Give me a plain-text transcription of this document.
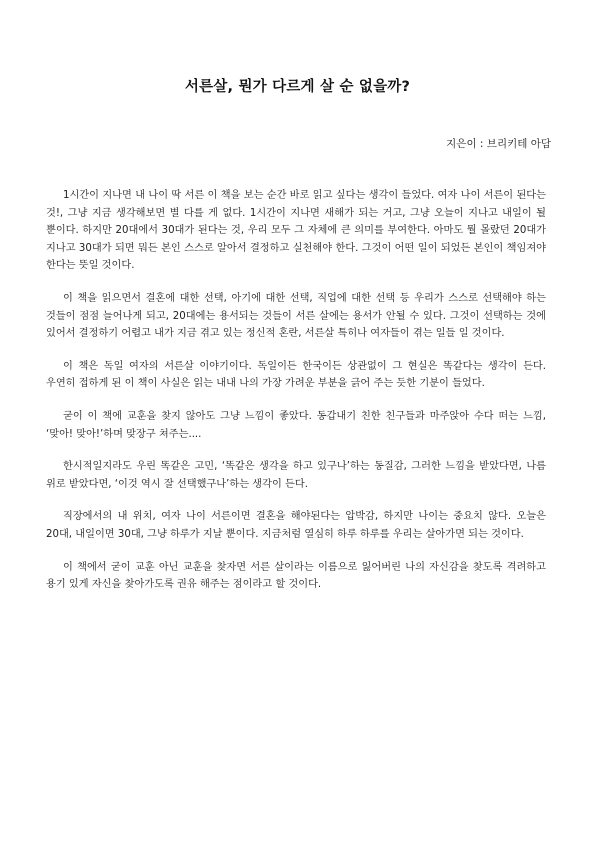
서른살, 뭔가 다르게 살 순 없을까?

지은이 : 브리키테 아담

1시간이 지나면 내 나이 딱 서른 이 책을 보는 순간 바로 읽고 싶다는 생각이 들었다. 여자 나이 서른이 된다는 것!, 그냥 지금 생각해보면 별 다를 게 없다. 1시간이 지나면 새해가 되는 거고, 그냥 오늘이 지나고 내일이 될 뿐이다. 하지만 20대에서 30대가 된다는 것, 우리 모두 그 자체에 큰 의미를 부여한다. 아마도 뭘 몰랐던 20대가 지나고 30대가 되면 뭐든 본인 스스로 알아서 결정하고 실천해야 한다. 그것이 어떤 일이 되었든 본인이 책임져야 한다는 뜻일 것이다.

이 책을 읽으면서 결혼에 대한 선택, 아기에 대한 선택, 직업에 대한 선택 등 우리가 스스로 선택해야 하는 것들이 점점 늘어나게 되고, 20대에는 용서되는 것들이 서른 살에는 용서가 안될 수 있다. 그것이 선택하는 것에 있어서 결정하기 어렵고 내가 지금 겪고 있는 정신적 혼란, 서른살 특히나 여자들이 겪는 일들 일 것이다.

이 책은 독일 여자의 서른살 이야기이다. 독일이든 한국이든 상관없이 그 현실은 똑같다는 생각이 든다. 우연히 접하게 된 이 책이 사실은 읽는 내내 나의 가장 가려운 부분을 긁어 주는 듯한 기분이 들었다.

굳이 이 책에 교훈을 찾지 않아도 그냥 느낌이 좋았다. 동갑내기 친한 친구들과 마주앉아 수다 떠는 느낌, ‘맞아! 맞아!’하며 맞장구 쳐주는....

한시적일지라도 우린 똑같은 고민, ‘똑같은 생각을 하고 있구나’하는 동질감, 그러한 느낌을 받았다면, 나름 위로 받았다면, ‘이것 역시 잘 선택했구나’하는 생각이 든다.

직장에서의 내 위치, 여자 나이 서른이면 결혼을 해야된다는 압박감, 하지만 나이는 중요치 않다. 오늘은 20대, 내일이면 30대, 그냥 하루가 지날 뿐이다. 지금처럼 열심히 하루 하루를 우리는 살아가면 되는 것이다.

이 책에서 굳이 교훈 아닌 교훈을 찾자면 서른 살이라는 이름으로 잃어버린 나의 자신감을 찾도록 격려하고 용기 있게 자신을 찾아가도록 권유 해주는 점이라고 할 것이다.
